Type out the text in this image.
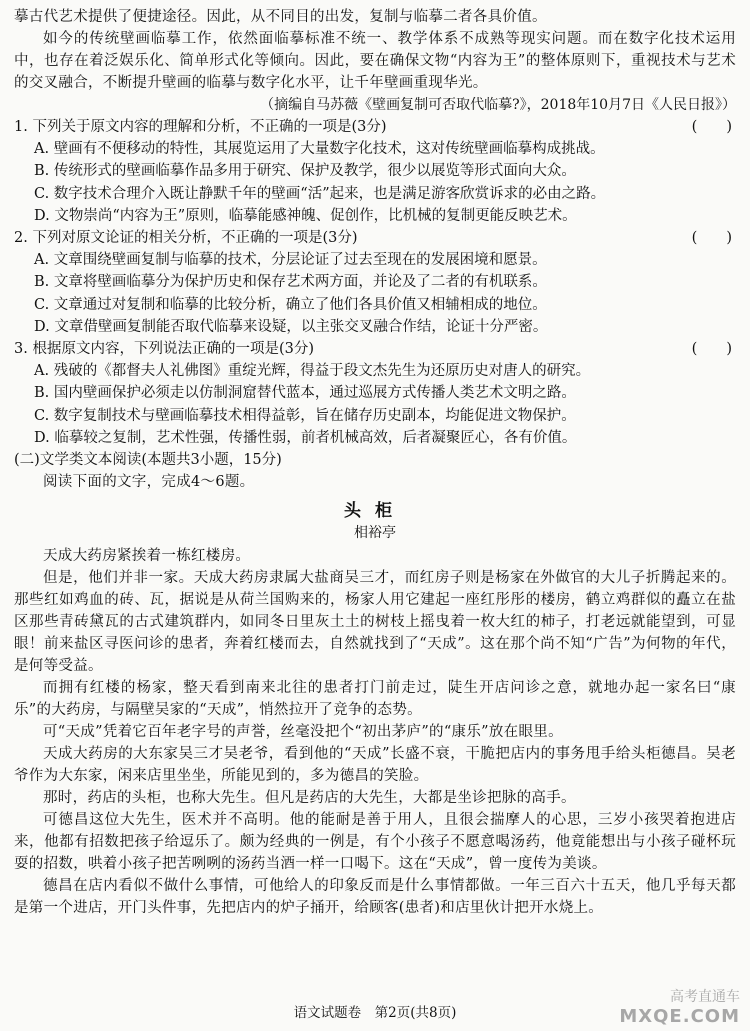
摹古代艺术提供了便捷途径。因此，从不同目的出发，复制与临摹二者各具价值。

如今的传统壁画临摹工作，依然面临摹标准不统一、教学体系不成熟等现实问题。而在数字化技术运用中，也存在着泛娱乐化、简单形式化等倾向。因此，要在确保文物“内容为王”的整体原则下，重视技术与艺术的交叉融合，不断提升壁画的临摹与数字化水平，让千年壁画重现华光。

（摘编自马苏薇《壁画复制可否取代临摹?》，2018年10月7日《人民日报》）

1. 下列关于原文内容的理解和分析，不正确的一项是(3分)	(　　)
A. 壁画有不便移动的特性，其展览运用了大量数字化技术，这对传统壁画临摹构成挑战。
B. 传统形式的壁画临摹作品多用于研究、保护及教学，很少以展览等形式面向大众。
C. 数字技术合理介入既让静默千年的壁画“活”起来，也是满足游客欣赏诉求的必由之路。
D. 文物崇尚“内容为王”原则，临摹能感神魄、促创作，比机械的复制更能反映艺术。
2. 下列对原文论证的相关分析，不正确的一项是(3分)	(　　)
A. 文章围绕壁画复制与临摹的技术，分层论证了过去至现在的发展困境和愿景。
B. 文章将壁画临摹分为保护历史和保存艺术两方面，并论及了二者的有机联系。
C. 文章通过对复制和临摹的比较分析，确立了他们各具价值又相辅相成的地位。
D. 文章借壁画复制能否取代临摹来设疑，以主张交叉融合作结，论证十分严密。
3. 根据原文内容，下列说法正确的一项是(3分)	(　　)
A. 残破的《都督夫人礼佛图》重绽光辉，得益于段文杰先生为还原历史对唐人的研究。
B. 国内壁画保护必须走以仿制洞窟替代蓝本，通过巡展方式传播人类艺术文明之路。
C. 数字复制技术与壁画临摹技术相得益彰，旨在储存历史副本，均能促进文物保护。
D. 临摹较之复制，艺术性强，传播性弱，前者机械高效，后者凝聚匠心，各有价值。
(二)文学类文本阅读(本题共3小题，15分)

阅读下面的文字，完成4～6题。

头柜
相裕亭

天成大药房紧挨着一栋红楼房。

但是，他们并非一家。天成大药房隶属大盐商吴三才，而红房子则是杨家在外做官的大儿子折腾起来的。那些红如鸡血的砖、瓦，据说是从荷兰国购来的，杨家人用它建起一座红彤彤的楼房，鹤立鸡群似的矗立在盐区那些青砖黛瓦的古式建筑群内，如同冬日里灰土土的树枝上摇曳着一枚大红的柿子，打老远就能望到，可显眼！前来盐区寻医问诊的患者，奔着红楼而去，自然就找到了“天成”。这在那个尚不知“广告”为何物的年代，是何等受益。

而拥有红楼的杨家，整天看到南来北往的患者打门前走过，陡生开店问诊之意，就地办起一家名曰“康乐”的大药房，与隔壁吴家的“天成”，悄然拉开了竞争的态势。

可“天成”凭着它百年老字号的声誉，丝毫没把个“初出茅庐”的“康乐”放在眼里。

天成大药房的大东家吴三才吴老爷，看到他的“天成”长盛不衰，干脆把店内的事务甩手给头柜德昌。吴老爷作为大东家，闲来店里坐坐，所能见到的，多为德昌的笑脸。

那时，药店的头柜，也称大先生。但凡是药店的大先生，大都是坐诊把脉的高手。

可德昌这位大先生，医术并不高明。他的能耐是善于用人，且很会揣摩人的心思，三岁小孩哭着抱进店来，他都有招数把孩子给逗乐了。颇为经典的一例是，有个小孩子不愿意喝汤药，他竟能想出与小孩子碰杯玩耍的招数，哄着小孩子把苦咧咧的汤药当酒一样一口喝下。这在“天成”，曾一度传为美谈。

德昌在店内看似不做什么事情，可他给人的印象反而是什么事情都做。一年三百六十五天，他几乎每天都是第一个进店，开门头件事，先把店内的炉子捅开，给顾客(患者)和店里伙计把开水烧上。

语文试题卷　第2页(共8页)
高考直通车
MXQE.COM
